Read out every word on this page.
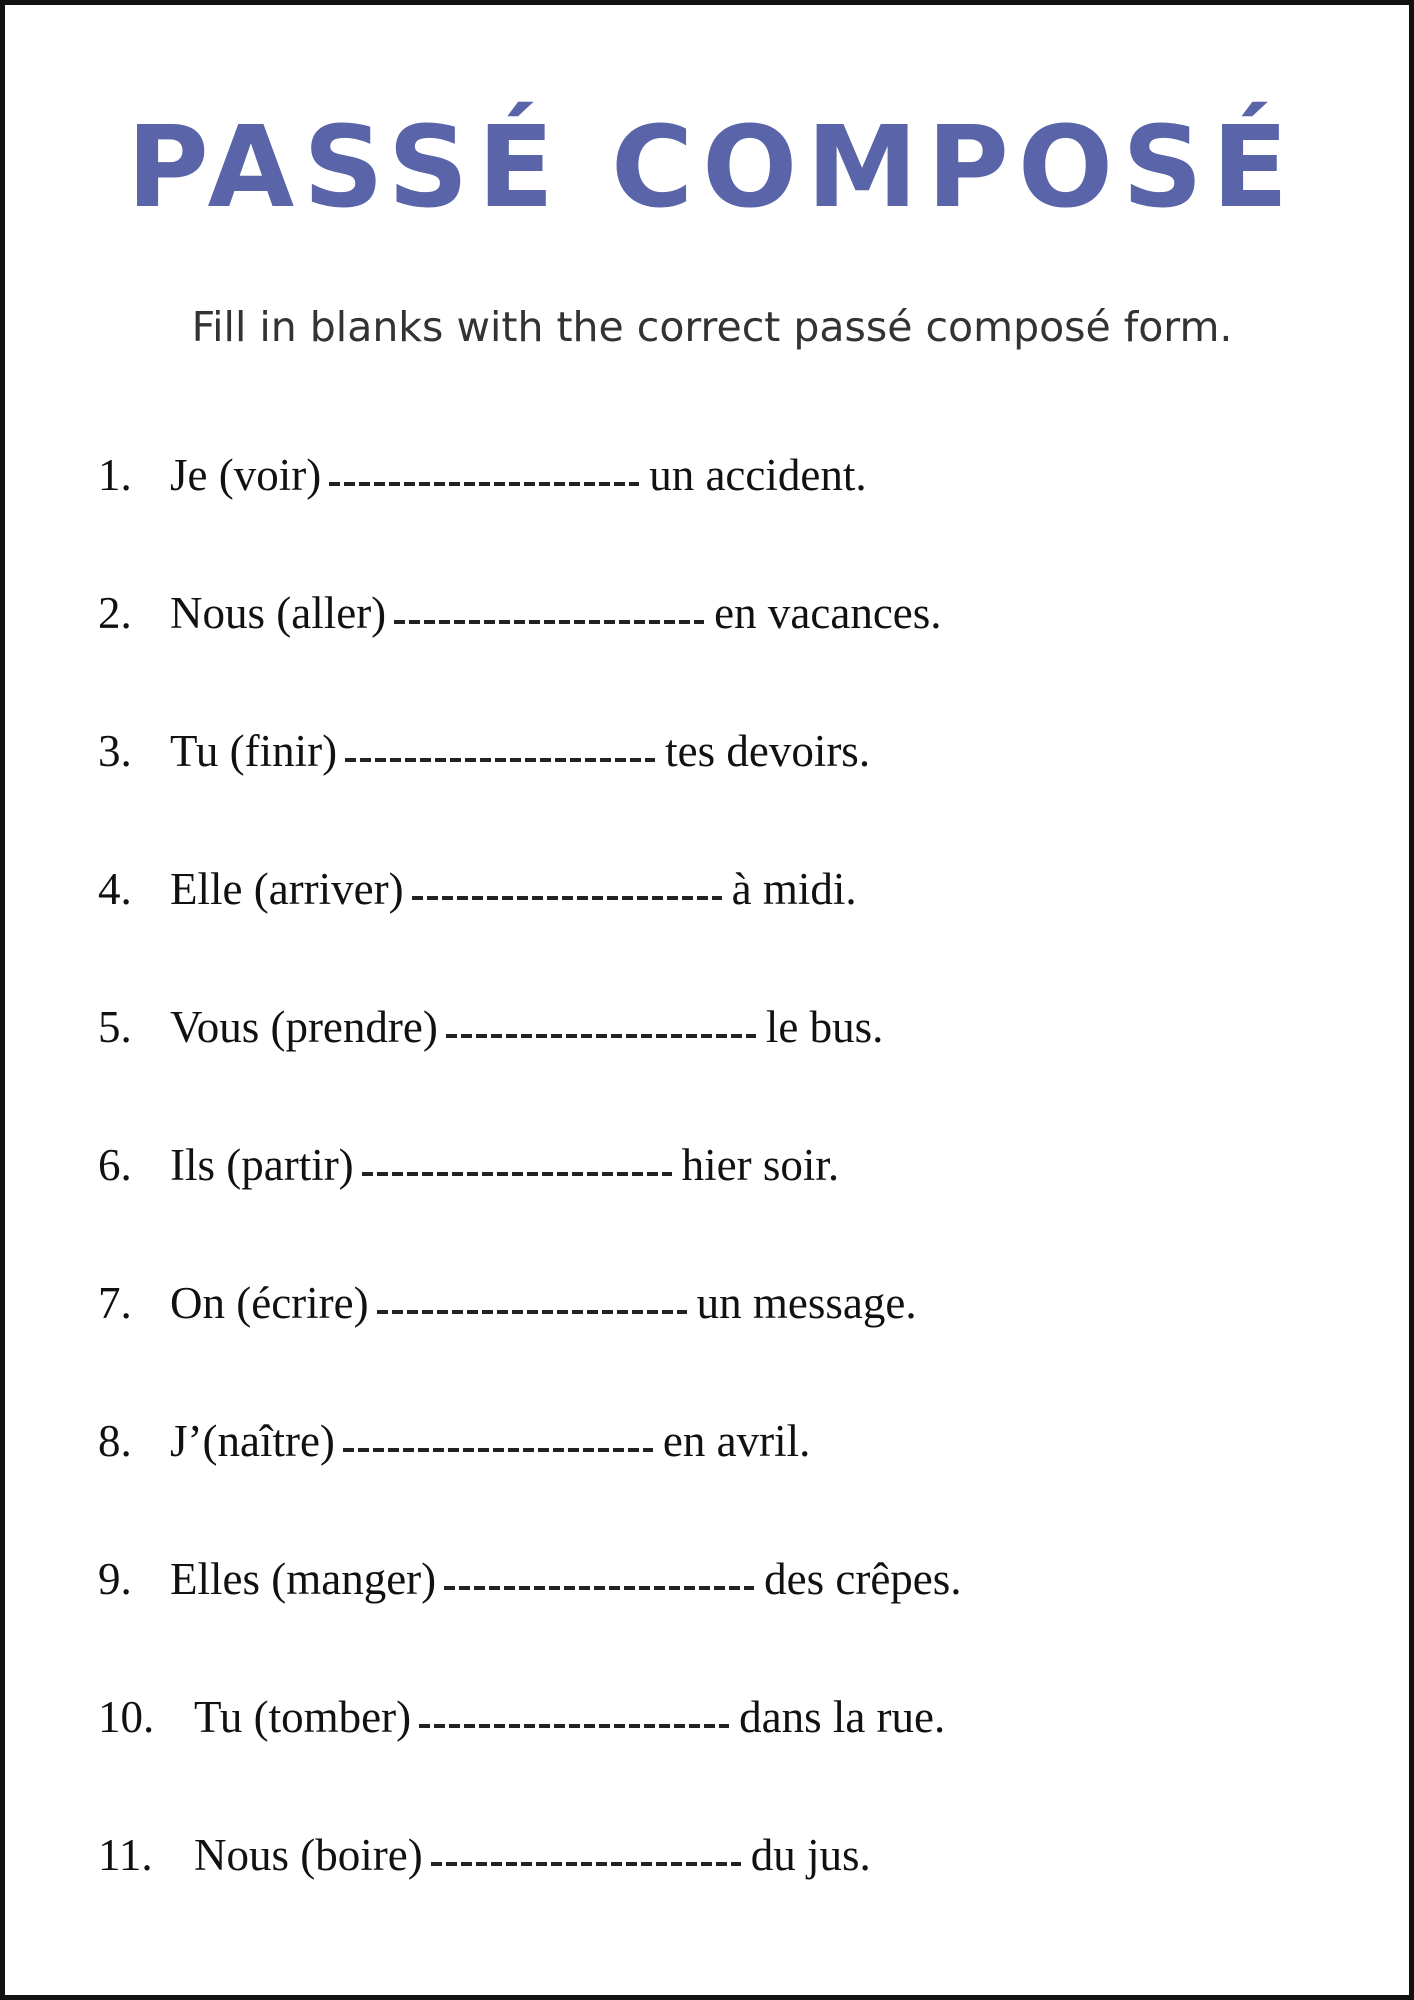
PASSÉ COMPOSÉ

Fill in blanks with the correct passé composé form.

1. Je (voir)	un accident.
2. Nous (aller)	en vacances.
3. Tu (finir)	tes devoirs.
4. Elle (arriver)	à midi.
5. Vous (prendre)	le bus.
6. Ils (partir)	hier soir.
7. On (écrire)	un message.
8. J’(naître)	en avril.
9. Elles (manger)	des crêpes.
10. Tu (tomber)	dans la rue.
11. Nous (boire)	du jus.
